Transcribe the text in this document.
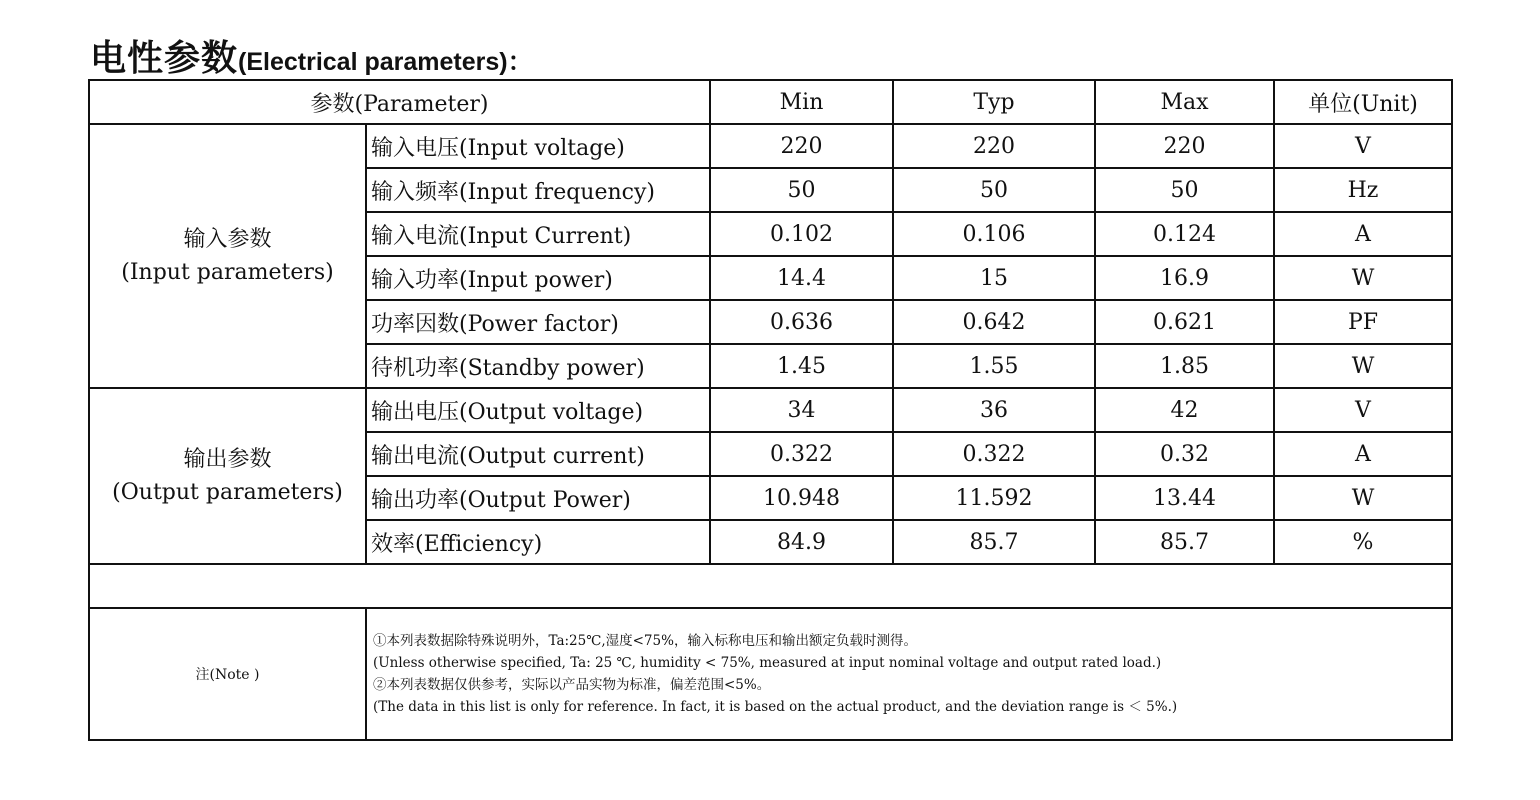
电性参数 (Electrical parameters) ：
参数(Parameter)		Min	Typ	Max	单位(Unit)
输入参数
(Input parameters)	输入电压(Input voltage)	220	220	220	V
	输入频率(Input frequency)	50	50	50	Hz
	输入电流(Input Current)	0.102	0.106	0.124	A
	输入功率(Input power)	14.4	15	16.9	W
	功率因数(Power factor)	0.636	0.642	0.621	PF
	待机功率(Standby power)	1.45	1.55	1.85	W
输出参数
(Output parameters)	输出电压(Output voltage)	34	36	42	V
	输出电流(Output current)	0.322	0.322	0.32	A
	输出功率(Output Power)	10.948	11.592	13.44	W
	效率(Efficiency)	84.9	85.7	85.7	%

注(Note )	①本列表数据除特殊说明外，Ta:25℃,湿度<75%，输入标称电压和输出额定负载时测得。
(Unless otherwise specified, Ta: 25 ℃, humidity < 75%, measured at input nominal voltage and output rated load.)
②本列表数据仅供参考，实际以产品实物为标准，偏差范围<5%。
(The data in this list is only for reference. In fact, it is based on the actual product, and the deviation range is ＜ 5%.)				
